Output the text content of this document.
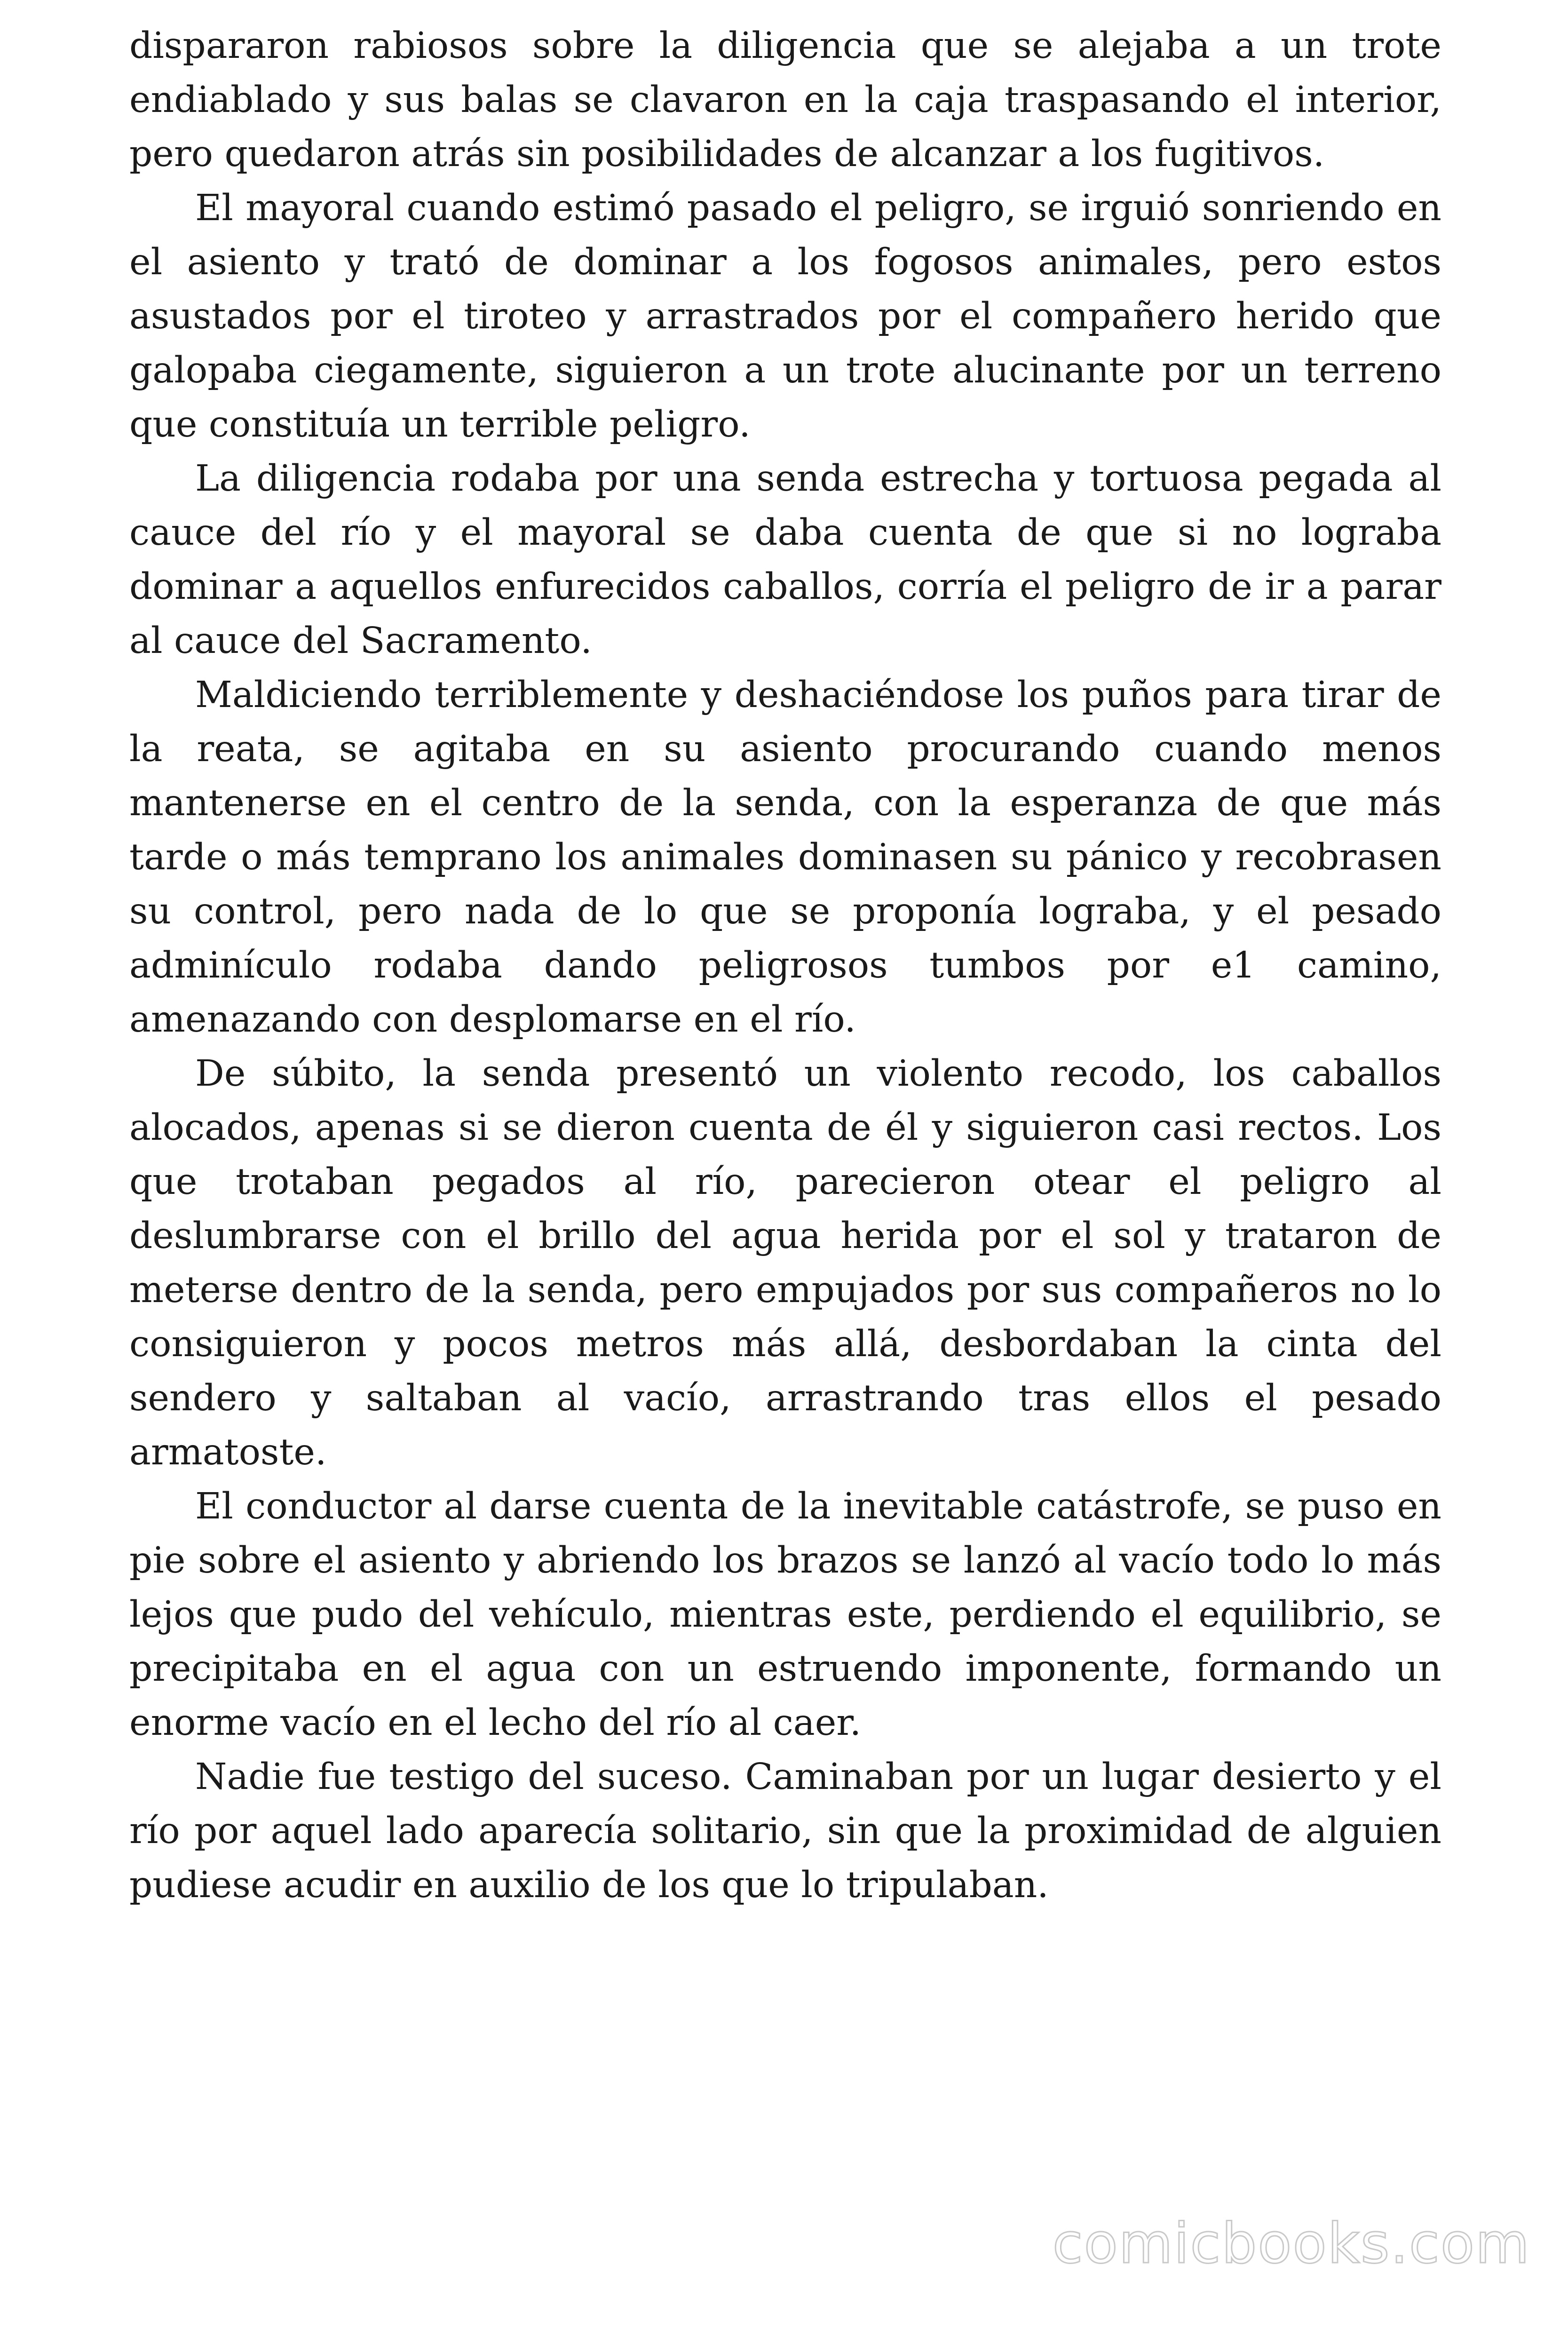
dispararon rabiosos sobre la diligencia que se alejaba a un trote endiablado y sus balas se clavaron en la caja traspasando el interior, pero quedaron atrás sin posibilidades de alcanzar a los fugitivos.

El mayoral cuando estimó pasado el peligro, se irguió sonriendo en el asiento y trató de dominar a los fogosos animales, pero estos asustados por el tiroteo y arrastrados por el compañero herido que galopaba ciegamente, siguieron a un trote alucinante por un terreno que constituía un terrible peligro.

La diligencia rodaba por una senda estrecha y tortuosa pegada al cauce del río y el mayoral se daba cuenta de que si no lograba dominar a aquellos enfurecidos caballos, corría el peligro de ir a parar al cauce del Sacramento.

Maldiciendo terriblemente y deshaciéndose los puños para tirar de la reata, se agitaba en su asiento procurando cuando menos mantenerse en el centro de la senda, con la esperanza de que más tarde o más temprano los animales dominasen su pánico y recobrasen su control, pero nada de lo que se proponía lograba, y el pesado adminículo rodaba dando peligrosos tumbos por e1 camino, amenazando con desplomarse en el río.

De súbito, la senda presentó un violento recodo, los caballos alocados, apenas si se dieron cuenta de él y siguieron casi rectos. Los que trotaban pegados al río, parecieron otear el peligro al deslumbrarse con el brillo del agua herida por el sol y trataron de meterse dentro de la senda, pero empujados por sus compañeros no lo consiguieron y pocos metros más allá, desbordaban la cinta del sendero y saltaban al vacío, arrastrando tras ellos el pesado armatoste.

El conductor al darse cuenta de la inevitable catástrofe, se puso en pie sobre el asiento y abriendo los brazos se lanzó al vacío todo lo más lejos que pudo del vehículo, mientras este, perdiendo el equilibrio, se precipitaba en el agua con un estruendo imponente, formando un enorme vacío en el lecho del río al caer.

Nadie fue testigo del suceso. Caminaban por un lugar desierto y el río por aquel lado aparecía solitario, sin que la proximidad de alguien pudiese acudir en auxilio de los que lo tripulaban.

comicbooks.com
